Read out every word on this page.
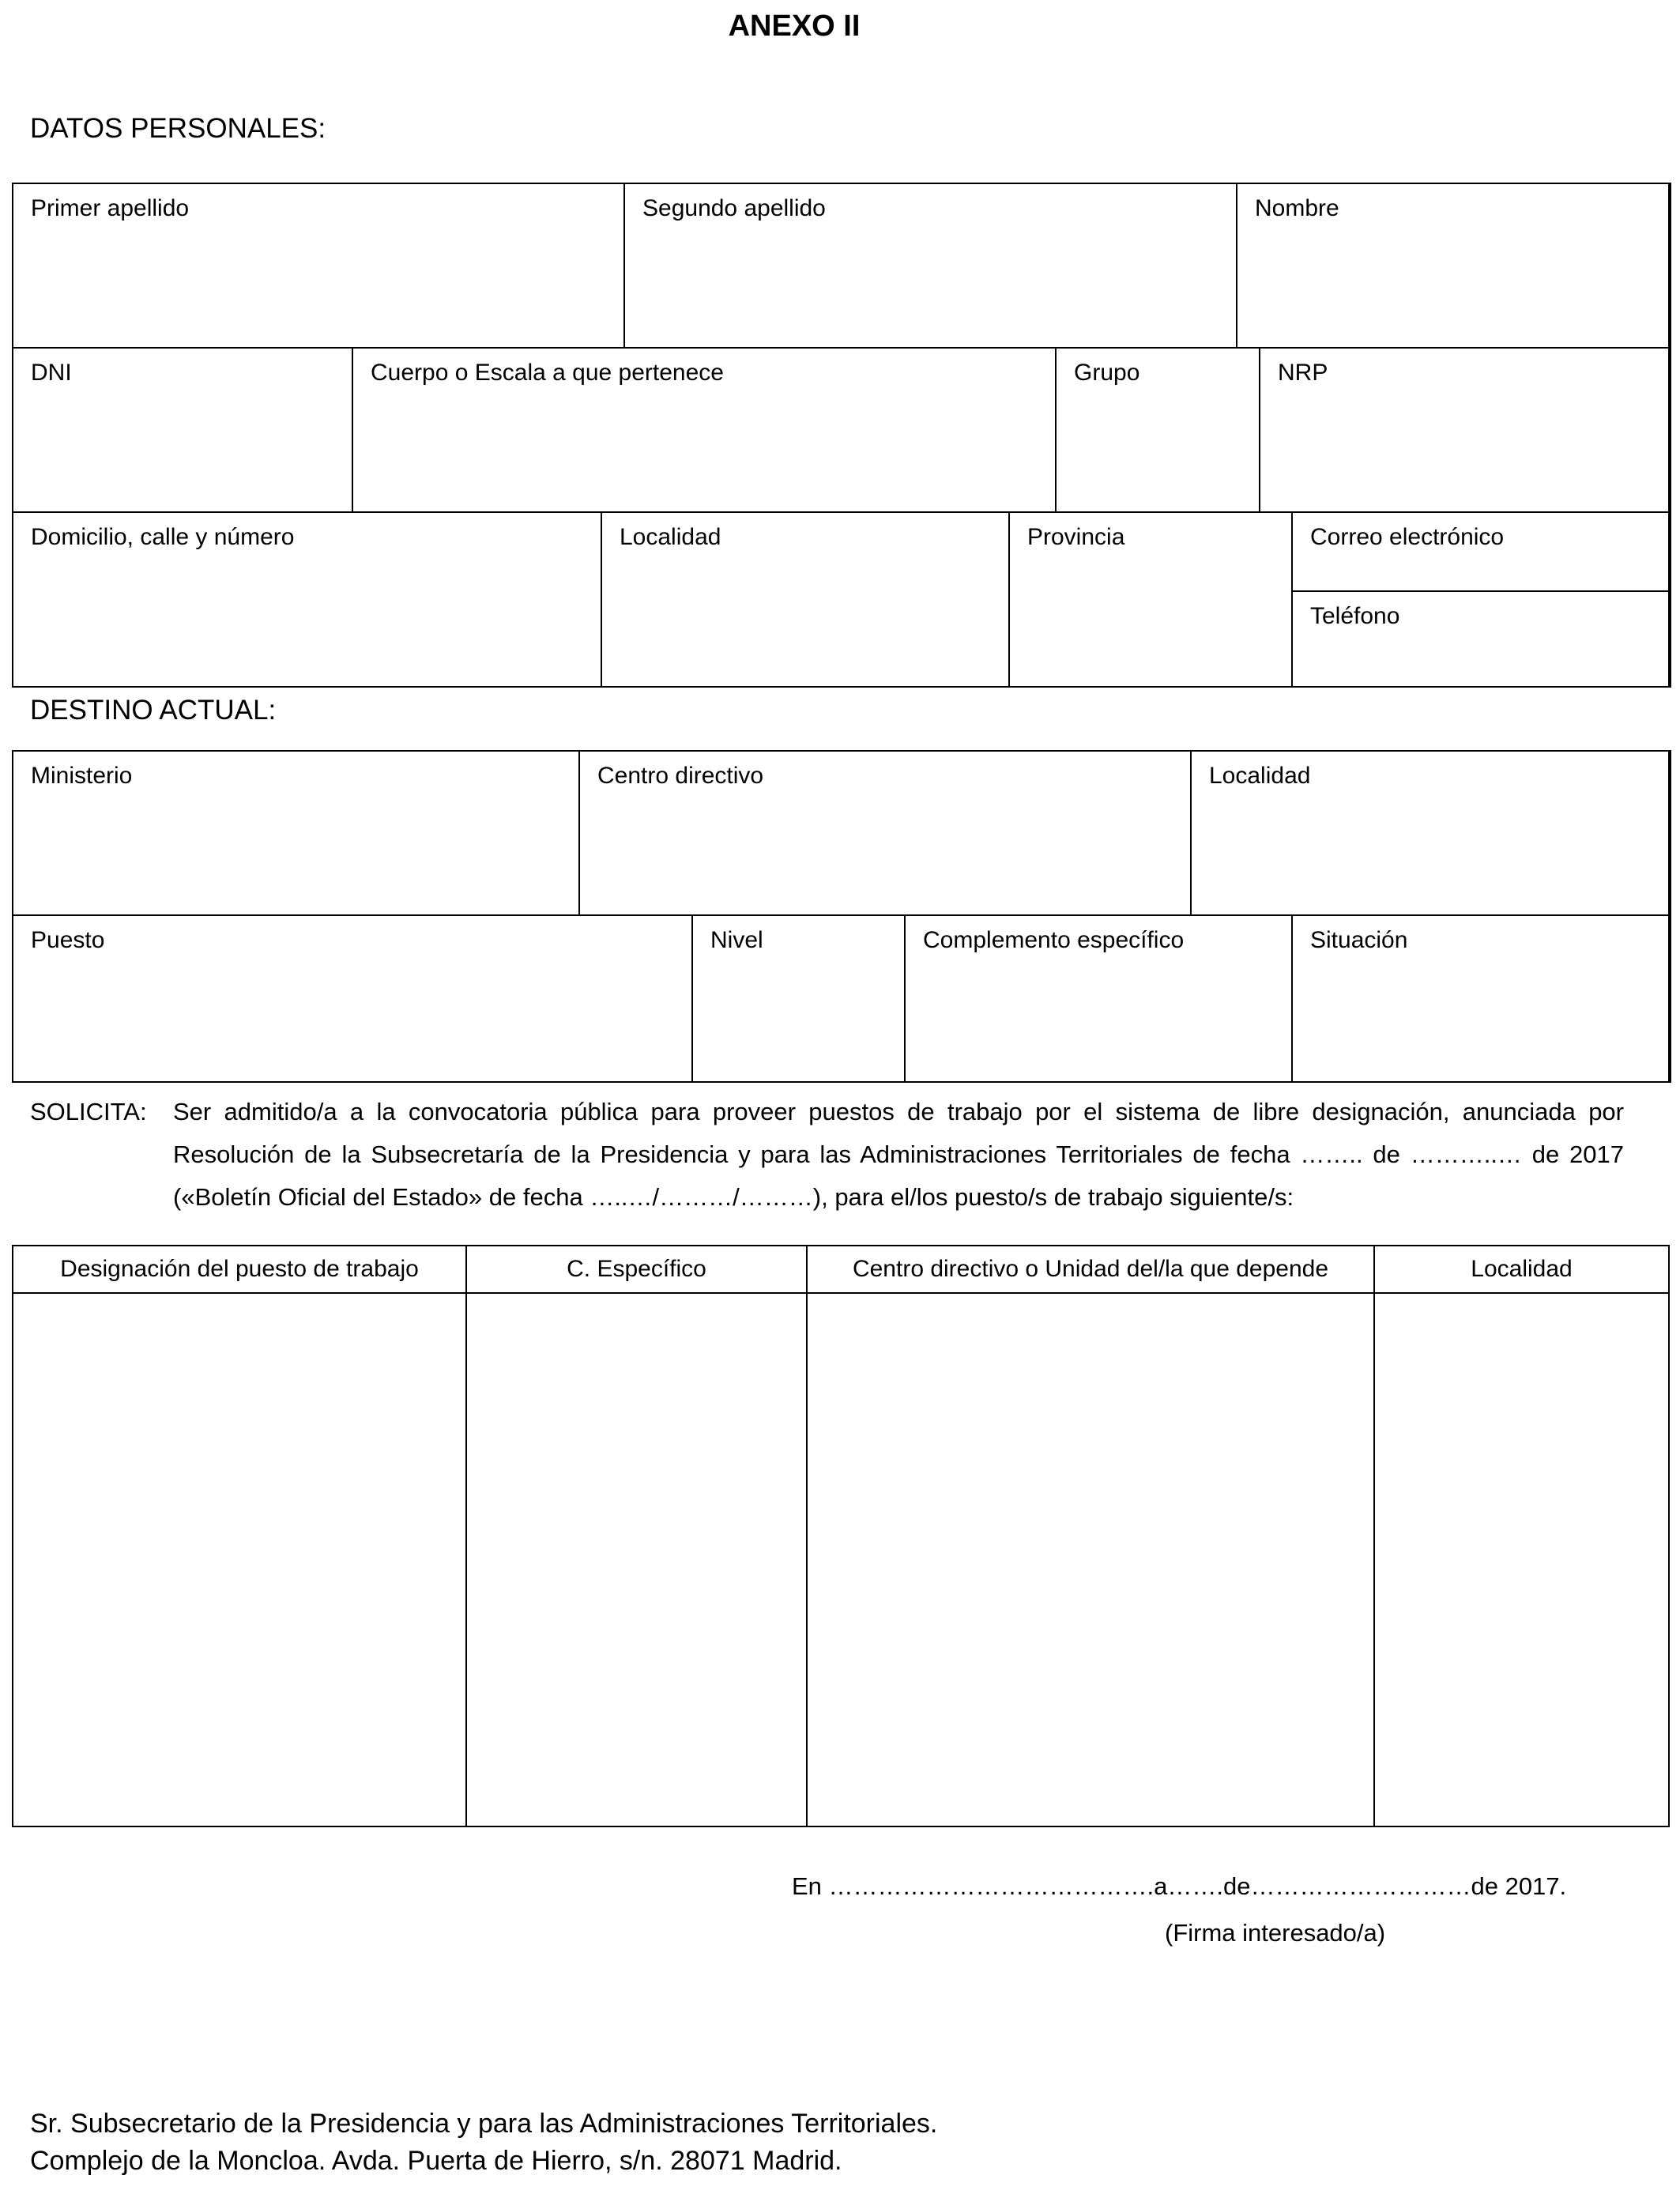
ANEXO II
DATOS PERSONALES:
Primer apellido	Segundo apellido	Nombre
DNI	Cuerpo o Escala a que pertenece	Grupo	NRP
Domicilio, calle y número	Localidad	Provincia	Correo electrónico
Teléfono
DESTINO ACTUAL:
Ministerio	Centro directivo	Localidad
Puesto	Nivel	Complemento específico	Situación
SOLICITA: Ser admitido/a a la convocatoria pública para proveer puestos de trabajo por el sistema de libre designación, anunciada por
Resolución de la Subsecretaría de la Presidencia y para las Administraciones Territoriales de fecha …….. de ………..… de 2017
(«Boletín Oficial del Estado» de fecha …..…/………/………), para el/los puesto/s de trabajo siguiente/s:
Designación del puesto de trabajo	C. Específico	Centro directivo o Unidad del/la que depende	Localidad
En ………………………………….a…….de………………………de 2017.
(Firma interesado/a)
Sr. Subsecretario de la Presidencia y para las Administraciones Territoriales.
Complejo de la Moncloa. Avda. Puerta de Hierro, s/n. 28071 Madrid.
